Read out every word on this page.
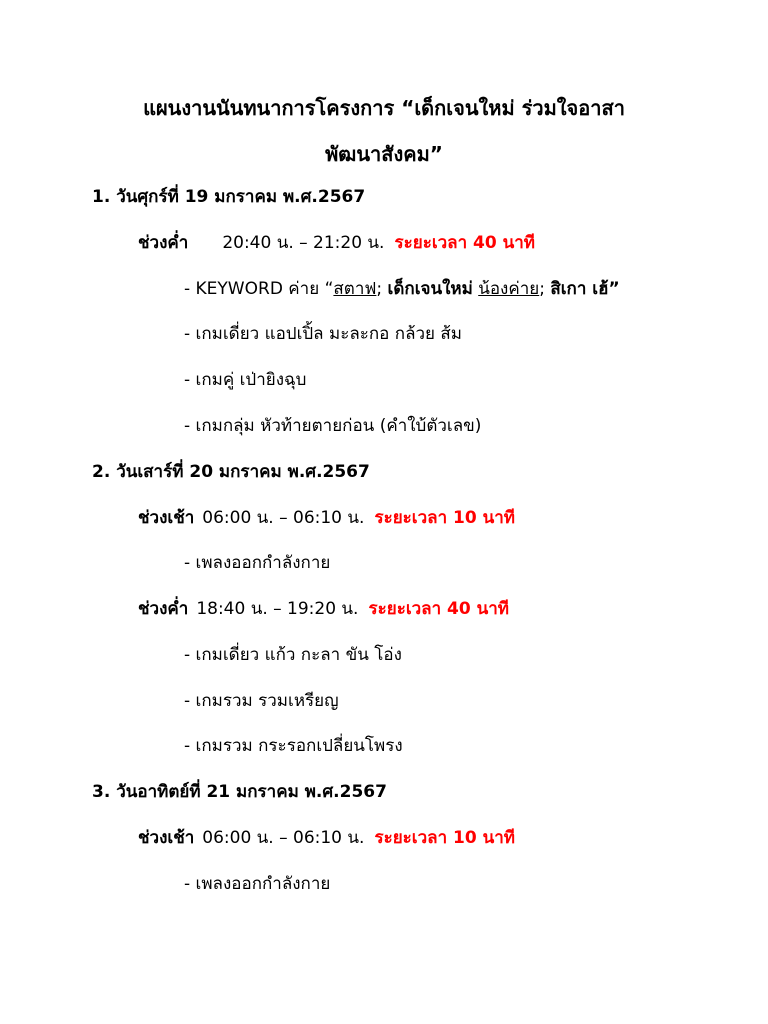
แผนงานนันทนาการโครงการ “เด็กเจนใหม่ ร่วมใจอาสา
พัฒนาสังคม”
1. วันศุกร์ที่ 19 มกราคม พ.ศ.2567
ช่วงค่ำ 20:40 น. – 21:20 น. ระยะเวลา 40 นาที
- KEYWORD ค่าย “สตาฟ; เด็กเจนใหม่ น้องค่าย; สิเกา เฮ้”
- เกมเดี่ยว แอปเปิ้ล มะละกอ กล้วย ส้ม
- เกมคู่ เป่ายิงฉุบ
- เกมกลุ่ม หัวท้ายตายก่อน (คำใบ้ตัวเลข)
2. วันเสาร์ที่ 20 มกราคม พ.ศ.2567
ช่วงเช้า 06:00 น. – 06:10 น. ระยะเวลา 10 นาที
- เพลงออกกำลังกาย
ช่วงค่ำ 18:40 น. – 19:20 น. ระยะเวลา 40 นาที
- เกมเดี่ยว แก้ว กะลา ขัน โอ่ง
- เกมรวม รวมเหรียญ
- เกมรวม กระรอกเปลี่ยนโพรง
3. วันอาทิตย์ที่ 21 มกราคม พ.ศ.2567
ช่วงเช้า 06:00 น. – 06:10 น. ระยะเวลา 10 นาที
- เพลงออกกำลังกาย
